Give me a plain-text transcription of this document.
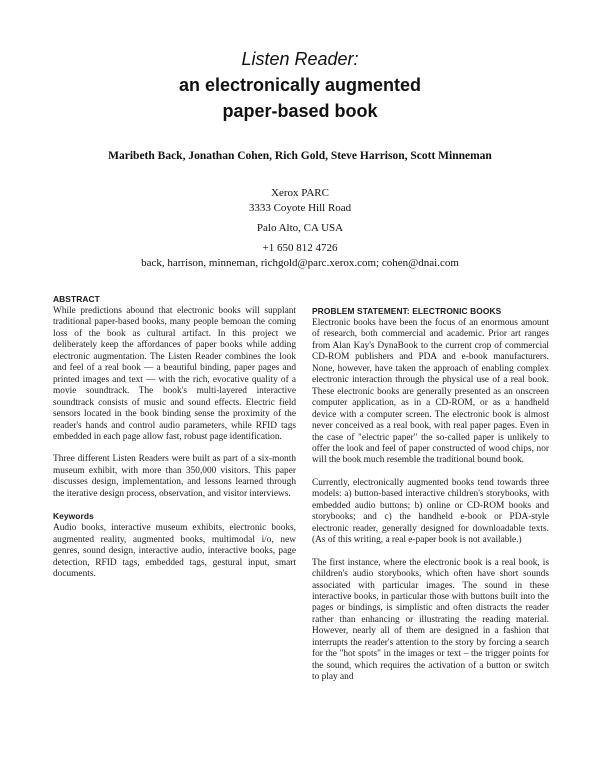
Listen Reader:

an electronically augmented

paper-based book

Maribeth Back, Jonathan Cohen, Rich Gold, Steve Harrison, Scott Minneman
Xerox PARC
3333 Coyote Hill Road
Palo Alto, CA USA
+1 650 812 4726
back, harrison, minneman, richgold@parc.xerox.com; cohen@dnai.com
ABSTRACT

While predictions abound that electronic books will supplant traditional paper-based books, many people bemoan the coming loss of the book as cultural artifact. In this project we deliberately keep the affordances of paper books while adding electronic augmentation. The Listen Reader combines the look and feel of a real book — a beautiful binding, paper pages and printed images and text — with the rich, evocative quality of a movie soundtrack. The book's multi-layered interactive soundtrack consists of music and sound effects. Electric field sensors located in the book binding sense the proximity of the reader's hands and control audio parameters, while RFID tags embedded in each page allow fast, robust page identification.

Three different Listen Readers were built as part of a six-month museum exhibit, with more than 350,000 visitors. This paper discusses design, implementation, and lessons learned through the iterative design process, observation, and visitor interviews.

Keywords

Audio books, interactive museum exhibits, electronic books, augmented reality, augmented books, multimodal i/o, new genres, sound design, interactive audio, interactive books, page detection, RFID tags, embedded tags, gestural input, smart documents.

PROBLEM STATEMENT: ELECTRONIC BOOKS

Electronic books have been the focus of an enormous amount of research, both commercial and academic. Prior art ranges from Alan Kay's DynaBook to the current crop of commercial CD-ROM publishers and PDA and e-book manufacturers. None, however, have taken the approach of enabling complex electronic interaction through the physical use of a real book. These electronic books are generally presented as an onscreen computer application, as in a CD-ROM, or as a handheld device with a computer screen. The electronic book is almost never conceived as a real book, with real paper pages. Even in the case of "electric paper" the so-called paper is unlikely to offer the look and feel of paper constructed of wood chips, nor will the book much resemble the traditional bound book.

Currently, electronically augmented books tend towards three models: a) button-based interactive children's storybooks, with embedded audio buttons; b) online or CD-ROM books and storybooks; and c) the handheld e-book or PDA-style electronic reader, generally designed for downloadable texts. (As of this writing, a real e-paper book is not available.)

The first instance, where the electronic book is a real book, is children's audio storybooks, which often have short sounds associated with particular images. The sound in these interactive books, in particular those with buttons built into the pages or bindings, is simplistic and often distracts the reader rather than enhancing or illustrating the reading material. However, nearly all of them are designed in a fashion that interrupts the reader's attention to the story by forcing a search for the "hot spots" in the images or text – the trigger points for the sound, which requires the activation of a button or switch to play and
